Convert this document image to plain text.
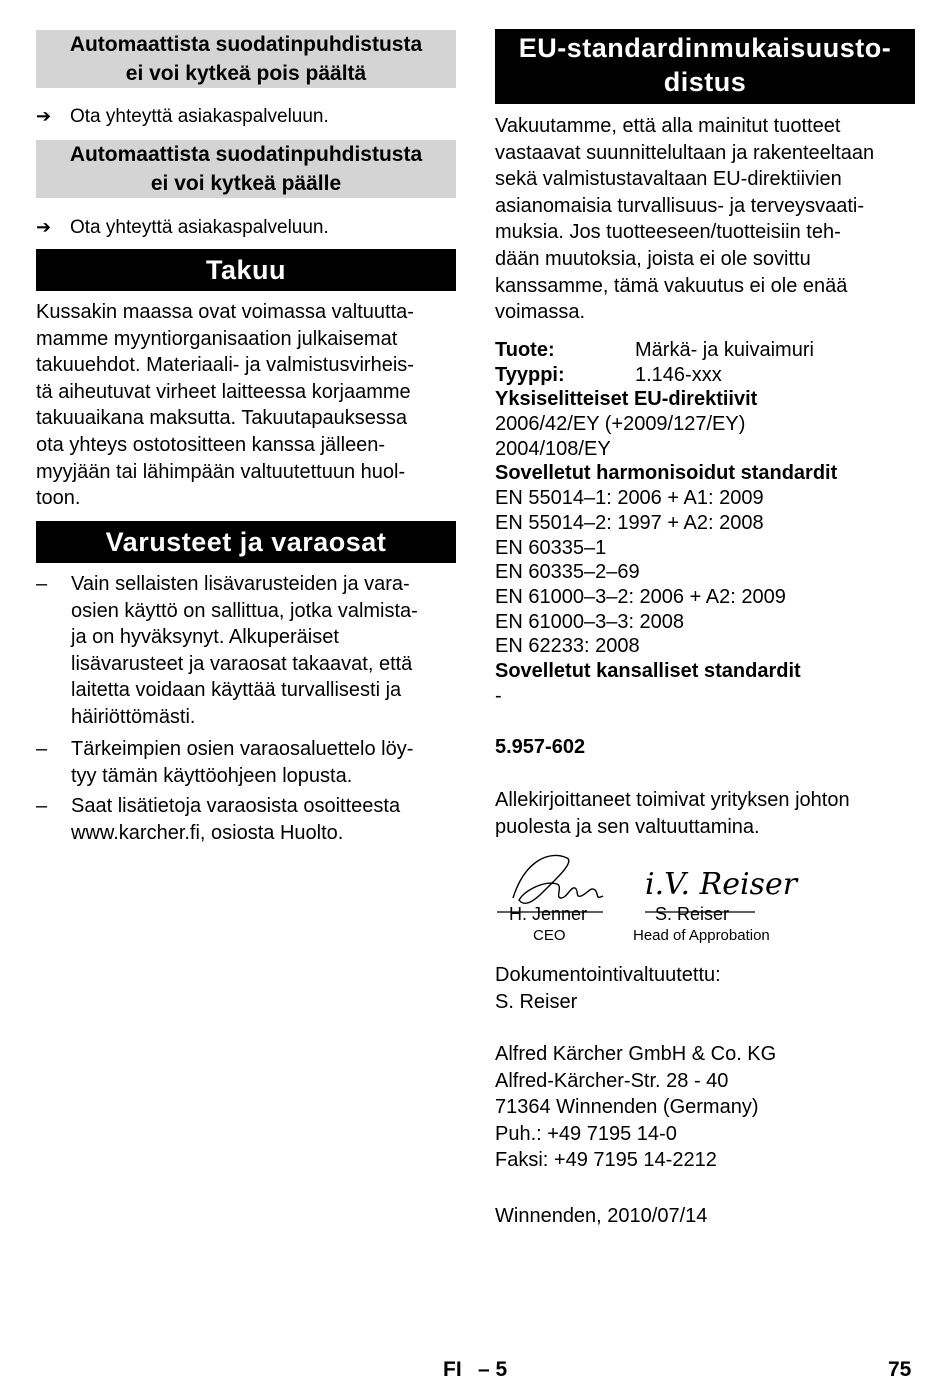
Automaattista suodatinpuhdistusta
ei voi kytkeä pois päältä
➔ Ota yhteyttä asiakaspalveluun.
Automaattista suodatinpuhdistusta
ei voi kytkeä päälle
➔ Ota yhteyttä asiakaspalveluun.
Takuu
Kussakin maassa ovat voimassa valtuutta-
mamme myyntiorganisaation julkaisemat
takuuehdot. Materiaali- ja valmistusvirheis-
tä aiheutuvat virheet laitteessa korjaamme
takuuaikana maksutta. Takuutapauksessa
ota yhteys ostotositteen kanssa jälleen-
myyjään tai lähimpään valtuutettuun huol-
toon.
Varusteet ja varaosat
– Vain sellaisten lisävarusteiden ja vara-
osien käyttö on sallittua, jotka valmista-
ja on hyväksynyt. Alkuperäiset
lisävarusteet ja varaosat takaavat, että
laitetta voidaan käyttää turvallisesti ja
häiriöttömästi.
– Tärkeimpien osien varaosaluettelo löy-
tyy tämän käyttöohjeen lopusta.
– Saat lisätietoja varaosista osoitteesta
www.karcher.fi, osiosta Huolto.
EU-standardinmukaisuusto-
distus
Vakuutamme, että alla mainitut tuotteet
vastaavat suunnittelultaan ja rakenteeltaan
sekä valmistustavaltaan EU-direktiivien
asianomaisia turvallisuus- ja terveysvaati-
muksia. Jos tuotteeseen/tuotteisiin teh-
dään muutoksia, joista ei ole sovittu
kanssamme, tämä vakuutus ei ole enää
voimassa.
Tuote:	Märkä- ja kuivaimuri
Tyyppi:	1.146-xxx
Yksiselitteiset EU-direktiivit
2006/42/EY (+2009/127/EY)
2004/108/EY
Sovelletut harmonisoidut standardit
EN 55014–1: 2006 + A1: 2009
EN 55014–2: 1997 + A2: 2008
EN 60335–1
EN 60335–2–69
EN 61000–3–2: 2006 + A2: 2009
EN 61000–3–3: 2008
EN 62233: 2008
Sovelletut kansalliset standardit
-
5.957-602
Allekirjoittaneet toimivat yrityksen johton
puolesta ja sen valtuuttamina.
i.V. Reiser
H. Jenner
CEO
S. Reiser
Head of Approbation
Dokumentointivaltuutettu:
S. Reiser
Alfred Kärcher GmbH & Co. KG
Alfred-Kärcher-Str. 28 - 40
71364 Winnenden (Germany)
Puh.: +49 7195 14-0
Faksi: +49 7195 14-2212
Winnenden, 2010/07/14
FI – 5	75
